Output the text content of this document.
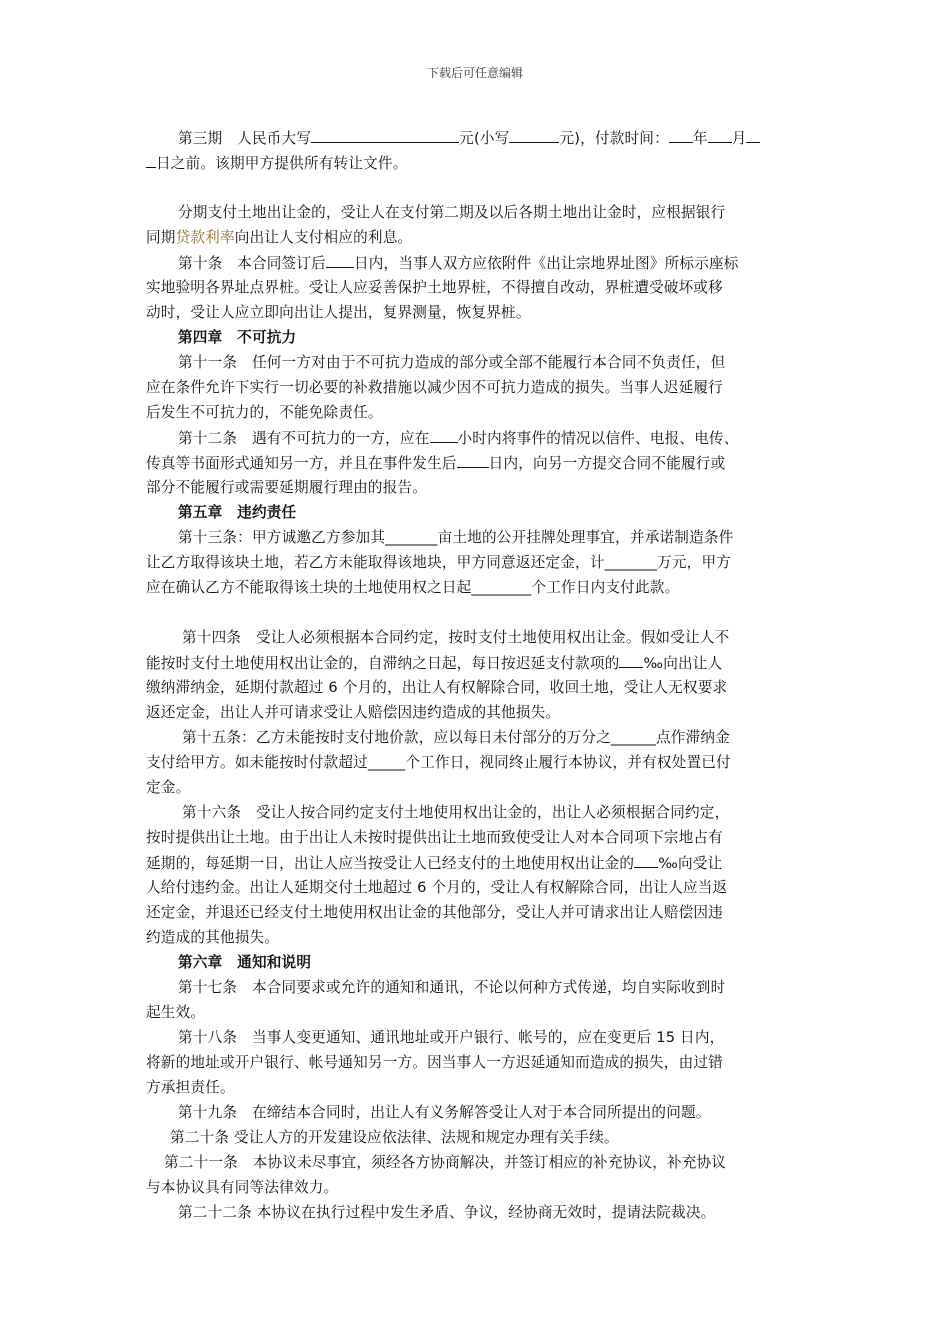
下载后可任意编辑
第三期　人民币大写	元(小写	元)，付款时间： 年 月
日之前。该期甲方提供所有转让文件。
分期支付土地出让金的，受让人在支付第二期及以后各期土地出让金时，应根据银行
同期贷款利率向出让人支付相应的利息。
第十条　本合同签订后 日内，当事人双方应依附件《出让宗地界址图》所标示座标
实地验明各界址点界桩。受让人应妥善保护土地界桩，不得擅自改动，界桩遭受破坏或移
动时，受让人应立即向出让人提出，复界测量，恢复界桩。
第四章　不可抗力
第十一条　任何一方对由于不可抗力造成的部分或全部不能履行本合同不负责任，但
应在条件允许下实行一切必要的补救措施以减少因不可抗力造成的损失。当事人迟延履行
后发生不可抗力的，不能免除责任。
第十二条　遇有不可抗力的一方，应在 小时内将事件的情况以信件、电报、电传、
传真等书面形式通知另一方，并且在事件发生后 日内，向另一方提交合同不能履行或
部分不能履行或需要延期履行理由的报告。
第五章　违约责任
第十三条：甲方诚邀乙方参加其_______亩土地的公开挂牌处理事宜，并承诺制造条件
让乙方取得该块土地，若乙方未能取得该地块，甲方同意返还定金，计_______万元，甲方
应在确认乙方不能取得该土块的土地使用权之日起________个工作日内支付此款。
第十四条　受让人必须根据本合同约定，按时支付土地使用权出让金。假如受让人不
能按时支付土地使用权出让金的，自滞纳之日起，每日按迟延支付款项的 ‰向出让人
缴纳滞纳金，延期付款超过 6 个月的，出让人有权解除合同，收回土地，受让人无权要求
返还定金，出让人并可请求受让人赔偿因违约造成的其他损失。
第十五条：乙方未能按时支付地价款，应以每日未付部分的万分之______点作滞纳金
支付给甲方。如未能按时付款超过_____个工作日，视同终止履行本协议，并有权处置已付
定金。
第十六条　受让人按合同约定支付土地使用权出让金的，出让人必须根据合同约定，
按时提供出让土地。由于出让人未按时提供出让土地而致使受让人对本合同项下宗地占有
延期的，每延期一日，出让人应当按受让人已经支付的土地使用权出让金的 ‰向受让
人给付违约金。出让人延期交付土地超过 6 个月的，受让人有权解除合同，出让人应当返
还定金，并退还已经支付土地使用权出让金的其他部分，受让人并可请求出让人赔偿因违
约造成的其他损失。
第六章　通知和说明
第十七条　本合同要求或允许的通知和通讯，不论以何种方式传递，均自实际收到时
起生效。
第十八条　当事人变更通知、通讯地址或开户银行、帐号的，应在变更后 15 日内，
将新的地址或开户银行、帐号通知另一方。因当事人一方迟延通知而造成的损失，由过错
方承担责任。
第十九条　在缔结本合同时，出让人有义务解答受让人对于本合同所提出的问题。
第二十条 受让人方的开发建设应依法律、法规和规定办理有关手续。
第二十一条　本协议未尽事宜，须经各方协商解决，并签订相应的补充协议，补充协议
与本协议具有同等法律效力。
第二十二条 本协议在执行过程中发生矛盾、争议，经协商无效时，提请法院裁决。
